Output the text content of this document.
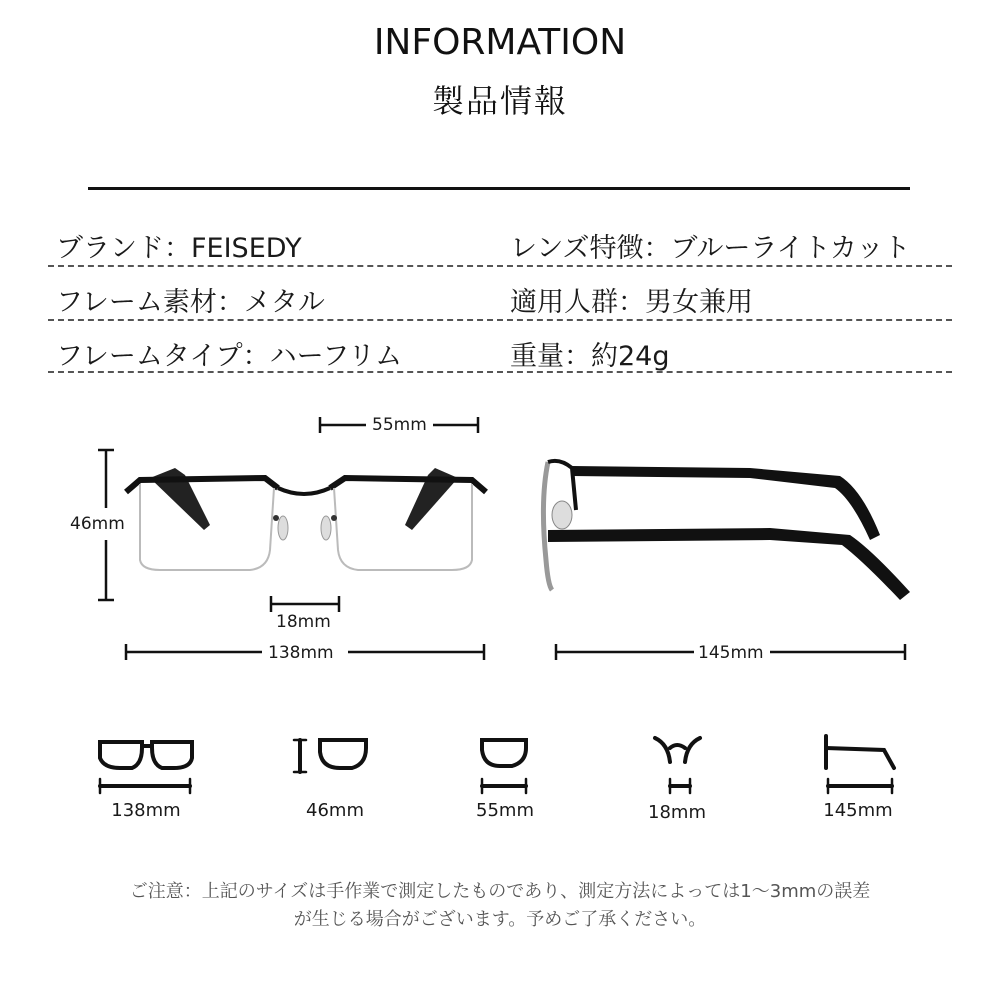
INFORMATION
製品情報
ブランド：FEISEDY	レンズ特徴：ブルーライトカット
フレーム素材：メタル	適用人群：男女兼用
フレームタイプ：ハーフリム	重量：約24g
55mm
46mm
18mm
138mm	145mm
138mm	46mm	55mm	18mm	145mm
ご注意：上記のサイズは手作業で測定したものであり、測定方法によっては1～3mmの誤差
が生じる場合がございます。予めご了承ください。
